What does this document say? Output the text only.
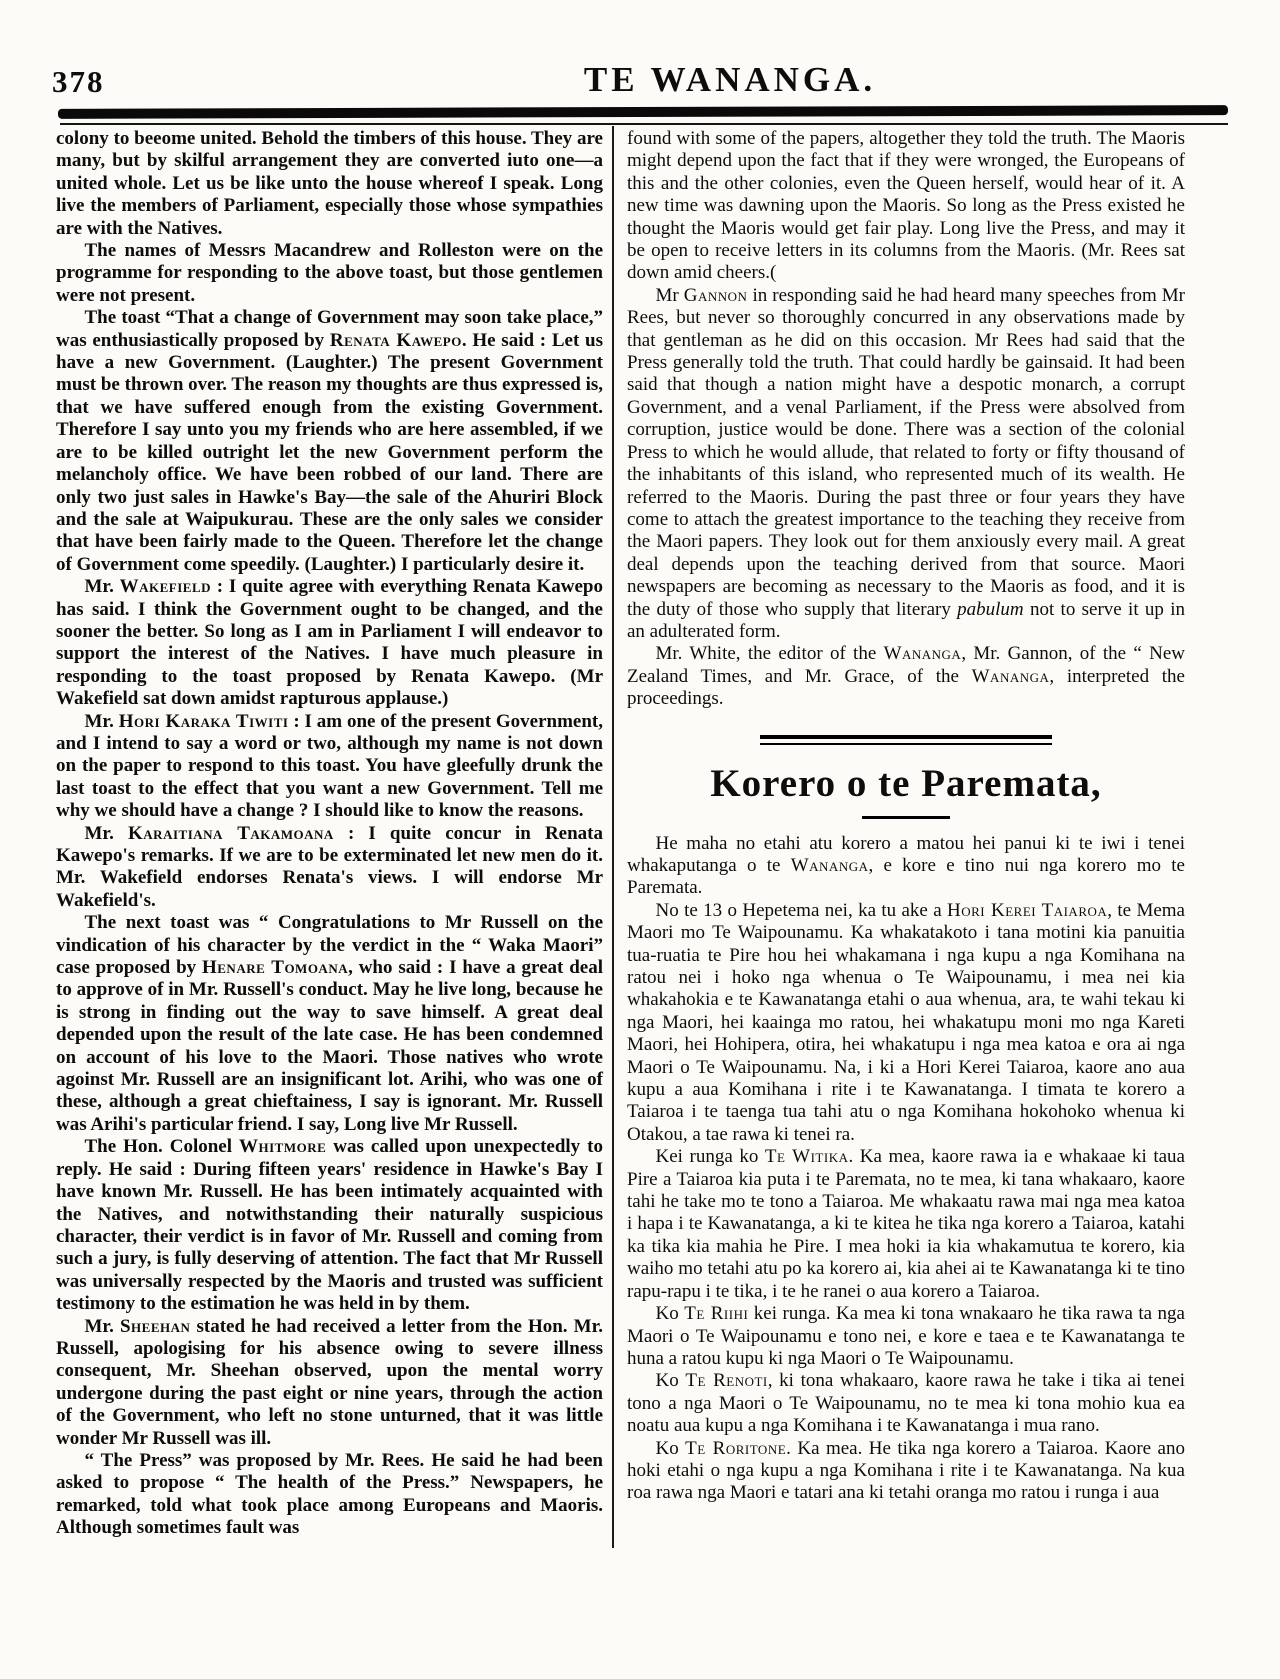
378	TE WANANGA.

colony to beeome united. Behold the timbers of this house. They are many, but by skilful arrangement they are converted iuto one—a united whole. Let us be like unto the house whereof I speak. Long live the members of Parliament, especially those whose sympathies are with the Natives.

The names of Messrs Macandrew and Rolleston were on the programme for responding to the above toast, but those gentlemen were not present.

The toast “That a change of Government may soon take place,” was enthusiastically proposed by Renata Kawepo. He said : Let us have a new Government. (Laughter.) The present Government must be thrown over. The reason my thoughts are thus expressed is, that we have suffered enough from the existing Government. Therefore I say unto you my friends who are here assembled, if we are to be killed outright let the new Government perform the melancholy office. We have been robbed of our land. There are only two just sales in Hawke's Bay—the sale of the Ahuriri Block and the sale at Waipukurau. These are the only sales we consider that have been fairly made to the Queen. Therefore let the change of Government come speedily. (Laughter.) I particularly desire it.

Mr. Wakefield : I quite agree with everything Renata Kawepo has said. I think the Government ought to be changed, and the sooner the better. So long as I am in Parliament I will endeavor to support the interest of the Natives. I have much pleasure in responding to the toast proposed by Renata Kawepo. (Mr Wakefield sat down amidst rapturous applause.)

Mr. Hori Karaka Tiwiti : I am one of the present Government, and I intend to say a word or two, although my name is not down on the paper to respond to this toast. You have gleefully drunk the last toast to the effect that you want a new Government. Tell me why we should have a change ? I should like to know the reasons.

Mr. Karaitiana Takamoana : I quite concur in Renata Kawepo's remarks. If we are to be exterminated let new men do it. Mr. Wakefield endorses Renata's views. I will endorse Mr Wakefield's.

The next toast was “ Congratulations to Mr Russell on the vindication of his character by the verdict in the “ Waka Maori” case proposed by Henare Tomoana, who said : I have a great deal to approve of in Mr. Russell's conduct. May he live long, because he is strong in finding out the way to save himself. A great deal depended upon the result of the late case. He has been condemned on account of his love to the Maori. Those natives who wrote agoinst Mr. Russell are an insignificant lot. Arihi, who was one of these, although a great chieftainess, I say is ignorant. Mr. Russell was Arihi's particular friend. I say, Long live Mr Russell.

The Hon. Colonel Whitmore was called upon unexpectedly to reply. He said : During fifteen years' residence in Hawke's Bay I have known Mr. Russell. He has been intimately acquainted with the Natives, and notwithstanding their naturally suspicious character, their verdict is in favor of Mr. Russell and coming from such a jury, is fully deserving of attention. The fact that Mr Russell was universally respected by the Maoris and trusted was sufficient testimony to the estimation he was held in by them.

Mr. Sheehan stated he had received a letter from the Hon. Mr. Russell, apologising for his absence owing to severe illness consequent, Mr. Sheehan observed, upon the mental worry undergone during the past eight or nine years, through the action of the Government, who left no stone unturned, that it was little wonder Mr Russell was ill.

“ The Press” was proposed by Mr. Rees. He said he had been asked to propose “ The health of the Press.” Newspapers, he remarked, told what took place among Europeans and Maoris. Although sometimes fault was

found with some of the papers, altogether they told the truth. The Maoris might depend upon the fact that if they were wronged, the Europeans of this and the other colonies, even the Queen herself, would hear of it. A new time was dawning upon the Maoris. So long as the Press existed he thought the Maoris would get fair play. Long live the Press, and may it be open to receive letters in its columns from the Maoris. (Mr. Rees sat down amid cheers.(

Mr Gannon in responding said he had heard many speeches from Mr Rees, but never so thoroughly concurred in any observations made by that gentleman as he did on this occasion. Mr Rees had said that the Press generally told the truth. That could hardly be gainsaid. It had been said that though a nation might have a despotic monarch, a corrupt Government, and a venal Parliament, if the Press were absolved from corruption, justice would be done. There was a section of the colonial Press to which he would allude, that related to forty or fifty thousand of the inhabitants of this island, who represented much of its wealth. He referred to the Maoris. During the past three or four years they have come to attach the greatest importance to the teaching they receive from the Maori papers. They look out for them anxiously every mail. A great deal depends upon the teaching derived from that source. Maori newspapers are becoming as necessary to the Maoris as food, and it is the duty of those who supply that literary pabulum not to serve it up in an adulterated form.

Mr. White, the editor of the Wananga, Mr. Gannon, of the “ New Zealand Times, and Mr. Grace, of the Wananga, interpreted the proceedings.

Korero o te Paremata,

He maha no etahi atu korero a matou hei panui ki te iwi i tenei whakaputanga o te Wananga, e kore e tino nui nga korero mo te Paremata.

No te 13 o Hepetema nei, ka tu ake a Hori Kerei Taiaroa, te Mema Maori mo Te Waipounamu. Ka whakatakoto i tana motini kia panuitia tua-ruatia te Pire hou hei whakamana i nga kupu a nga Komihana na ratou nei i hoko nga whenua o Te Waipounamu, i mea nei kia whakahokia e te Kawanatanga etahi o aua whenua, ara, te wahi tekau ki nga Maori, hei kaainga mo ratou, hei whakatupu moni mo nga Kareti Maori, hei Hohipera, otira, hei whakatupu i nga mea katoa e ora ai nga Maori o Te Waipounamu. Na, i ki a Hori Kerei Taiaroa, kaore ano aua kupu a aua Komihana i rite i te Kawanatanga. I timata te korero a Taiaroa i te taenga tua tahi atu o nga Komihana hokohoko whenua ki Otakou, a tae rawa ki tenei ra.

Kei runga ko Te Witika. Ka mea, kaore rawa ia e whakaae ki taua Pire a Taiaroa kia puta i te Paremata, no te mea, ki tana whakaaro, kaore tahi he take mo te tono a Taiaroa. Me whakaatu rawa mai nga mea katoa i hapa i te Kawanatanga, a ki te kitea he tika nga korero a Taiaroa, katahi ka tika kia mahia he Pire. I mea hoki ia kia whakamutua te korero, kia waiho mo tetahi atu po ka korero ai, kia ahei ai te Kawanatanga ki te tino rapu-rapu i te tika, i te he ranei o aua korero a Taiaroa.

Ko Te Riihi kei runga. Ka mea ki tona wnakaaro he tika rawa ta nga Maori o Te Waipounamu e tono nei, e kore e taea e te Kawanatanga te huna a ratou kupu ki nga Maori o Te Waipounamu.

Ko Te Renoti, ki tona whakaaro, kaore rawa he take i tika ai tenei tono a nga Maori o Te Waipounamu, no te mea ki tona mohio kua ea noatu aua kupu a nga Komihana i te Kawanatanga i mua rano.

Ko Te Roritone. Ka mea. He tika nga korero a Taiaroa. Kaore ano hoki etahi o nga kupu a nga Komihana i rite i te Kawanatanga. Na kua roa rawa nga Maori e tatari ana ki tetahi oranga mo ratou i runga i aua
